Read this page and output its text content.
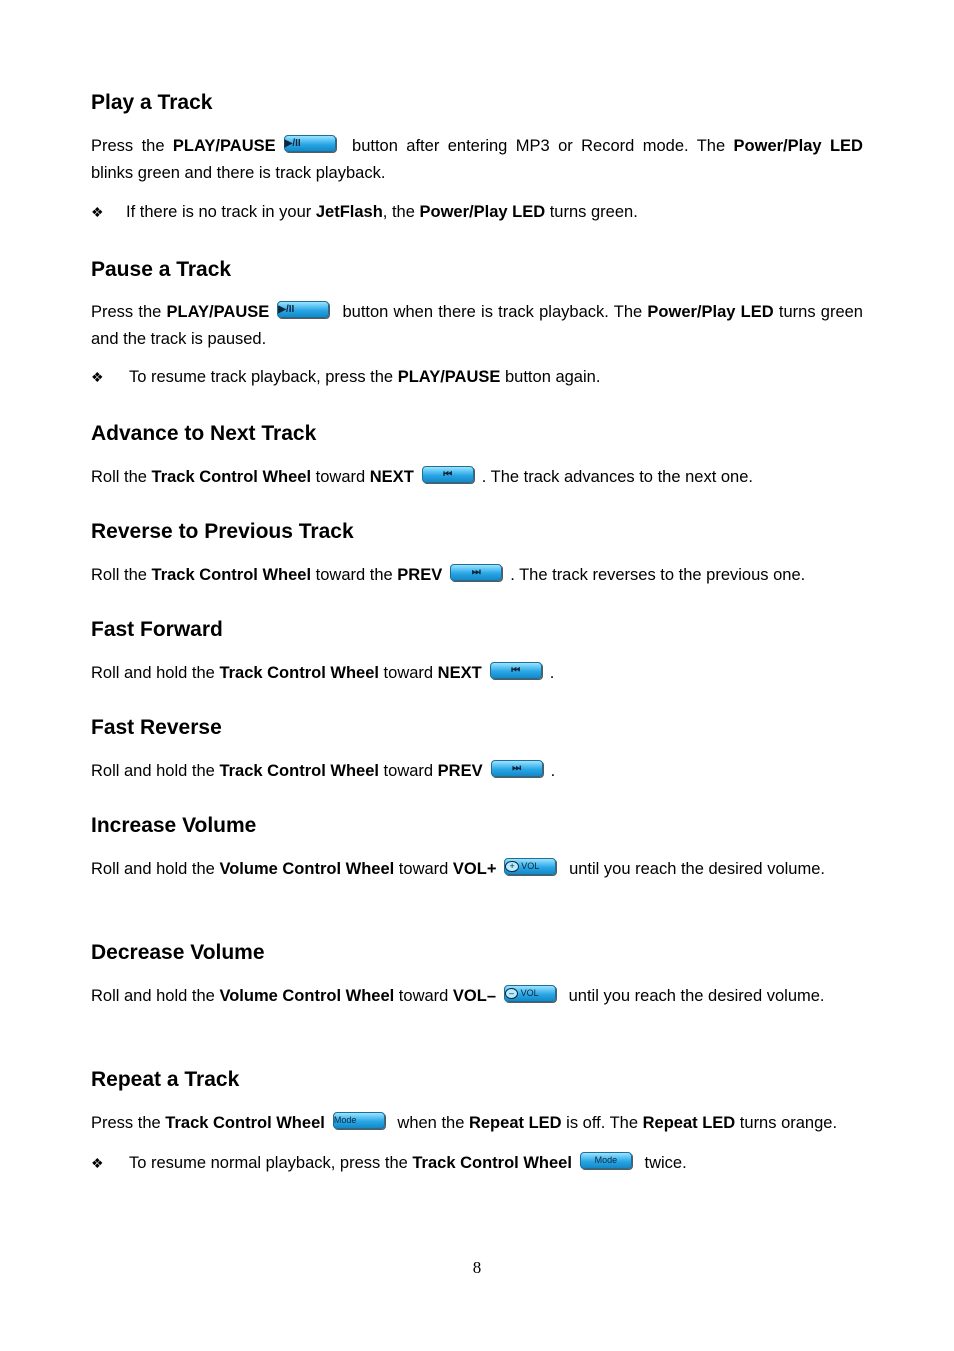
Play a Track

Press the PLAY/PAUSE ▶/II	button after entering MP3 or Record mode. The Power/Play LED blinks green and there is track playback.

❖	If there is no track in your JetFlash, the Power/Play LED turns green.
Pause a Track

Press the PLAY/PAUSE ▶/II	button when there is track playback. The Power/Play LED turns green and the track is paused.

❖	To resume track playback, press the PLAY/PAUSE button again.
Advance to Next Track

Roll the Track Control Wheel toward NEXT	⏮ . The track advances to the next one.

Reverse to Previous Track

Roll the Track Control Wheel toward the PREV	⏭ . The track reverses to the previous one.

Fast Forward

Roll and hold the Track Control Wheel toward NEXT	⏮ .

Fast Reverse

Roll and hold the Track Control Wheel toward PREV	⏭ .

Increase Volume

Roll and hold the Volume Control Wheel toward VOL+ + VOL until you reach the desired volume.

Decrease Volume

Roll and hold the Volume Control Wheel toward VOL– – VOL until you reach the desired volume.

Repeat a Track

Press the Track Control Wheel Mode when the Repeat LED is off. The Repeat LED turns orange.

❖	To resume normal playback, press the Track Control Wheel	Mode twice.
8
